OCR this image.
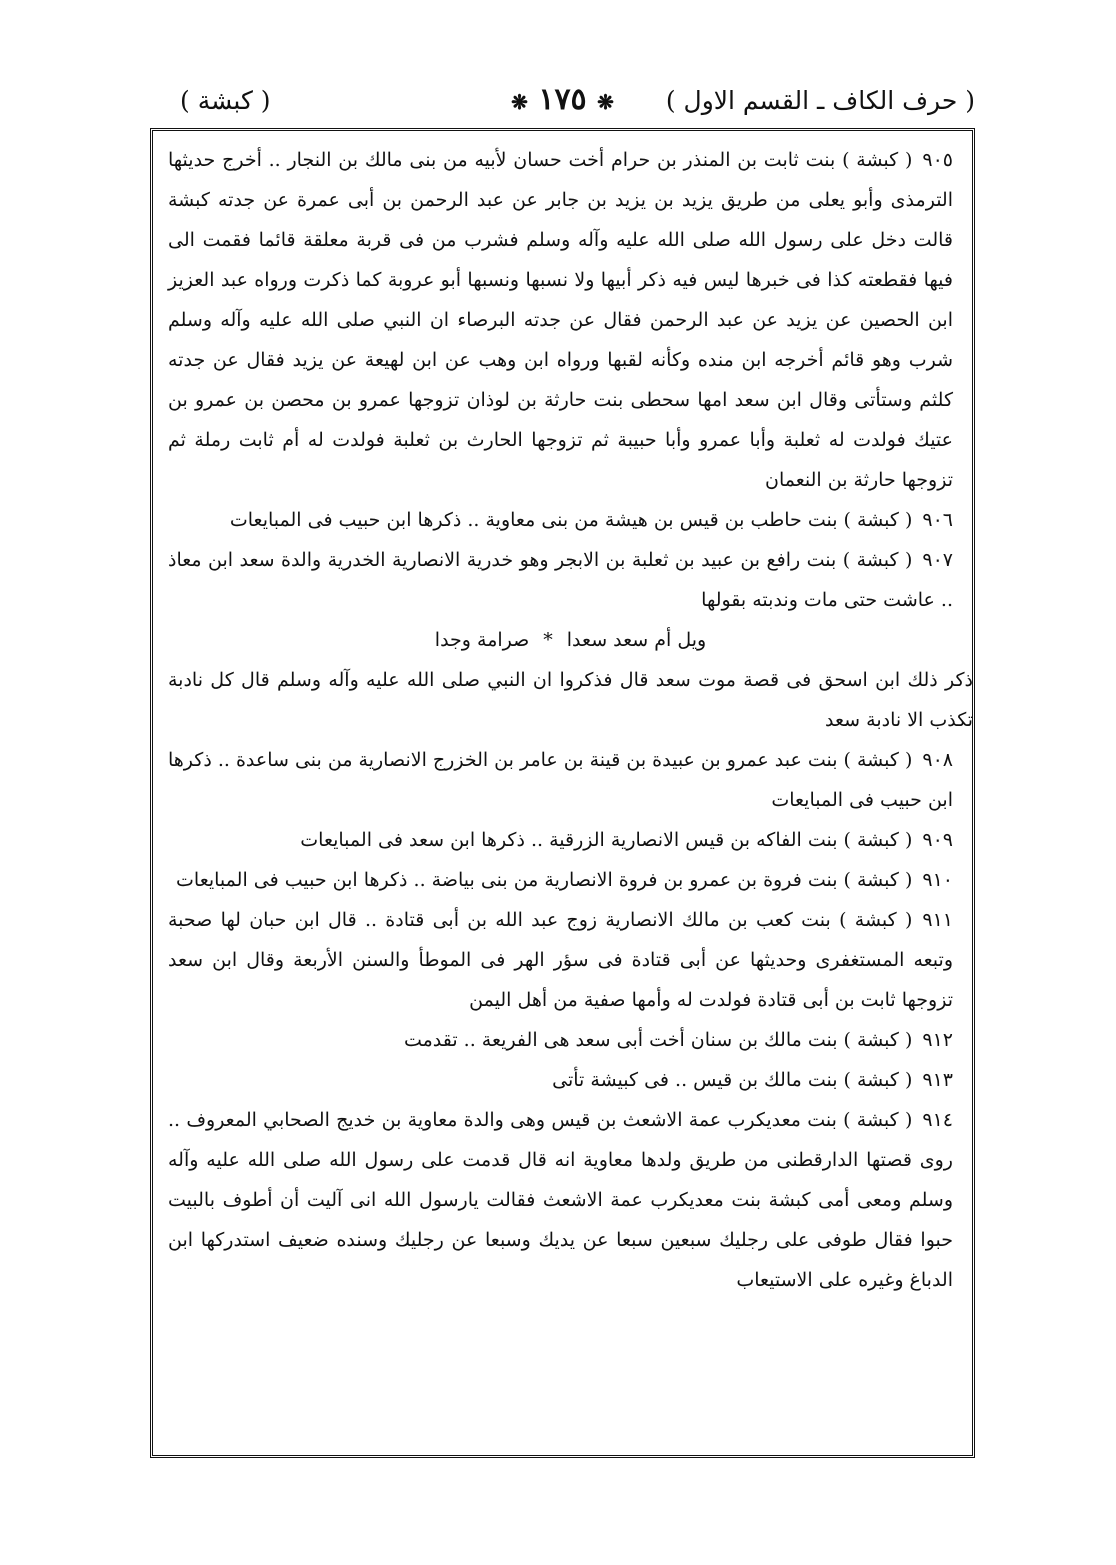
( حرف الكاف ـ القسم الاول )
❋ ١٧٥ ❋
( كبشة )

٩٠٥( كبشة ) بنت ثابت بن المنذر بن حرام أخت حسان لأبيه من بنى مالك بن النجار .. أخرج حديثها الترمذى وأبو يعلى من طريق يزيد بن يزيد بن جابر عن عبد الرحمن بن أبى عمرة عن جدته كبشة قالت دخل على رسول الله صلى الله عليه وآله وسلم فشرب من فى قربة معلقة قائما فقمت الى فيها فقطعته كذا فى خبرها ليس فيه ذكر أبيها ولا نسبها ونسبها أبو عروبة كما ذكرت ورواه عبد العزيز ابن الحصين عن يزيد عن عبد الرحمن فقال عن جدته البرصاء ان النبي صلى الله عليه وآله وسلم شرب وهو قائم أخرجه ابن منده وكأنه لقبها ورواه ابن وهب عن ابن لهيعة عن يزيد فقال عن جدته كلثم وستأتى وقال ابن سعد امها سحطى بنت حارثة بن لوذان تزوجها عمرو بن محصن بن عمرو بن عتيك فولدت له ثعلبة وأبا عمرو وأبا حبيبة ثم تزوجها الحارث بن ثعلبة فولدت له أم ثابت رملة ثم تزوجها حارثة بن النعمان

٩٠٦( كبشة ) بنت حاطب بن قيس بن هيشة من بنى معاوية .. ذكرها ابن حبيب فى المبايعات

٩٠٧( كبشة ) بنت رافع بن عبيد بن ثعلبة بن الابجر وهو خدرية الانصارية الخدرية والدة سعد ابن معاذ .. عاشت حتى مات وندبته بقولها

ويل أم سعد سعدا*صرامة وجدا

ذكر ذلك ابن اسحق فى قصة موت سعد قال فذكروا ان النبي صلى الله عليه وآله وسلم قال كل نادبة تكذب الا نادبة سعد

٩٠٨( كبشة ) بنت عبد عمرو بن عبيدة بن قينة بن عامر بن الخزرج الانصارية من بنى ساعدة .. ذكرها ابن حبيب فى المبايعات

٩٠٩( كبشة ) بنت الفاكه بن قيس الانصارية الزرقية .. ذكرها ابن سعد فى المبايعات

٩١٠( كبشة ) بنت فروة بن عمرو بن فروة الانصارية من بنى بياضة .. ذكرها ابن حبيب فى المبايعات

٩١١( كبشة ) بنت كعب بن مالك الانصارية زوج عبد الله بن أبى قتادة .. قال ابن حبان لها صحبة وتبعه المستغفرى وحديثها عن أبى قتادة فى سؤر الهر فى الموطأ والسنن الأربعة وقال ابن سعد تزوجها ثابت بن أبى قتادة فولدت له وأمها صفية من أهل اليمن

٩١٢( كبشة ) بنت مالك بن سنان أخت أبى سعد هى الفريعة .. تقدمت

٩١٣( كبشة ) بنت مالك بن قيس .. فى كبيشة تأتى

٩١٤( كبشة ) بنت معديكرب عمة الاشعث بن قيس وهى والدة معاوية بن خديج الصحابي المعروف .. روى قصتها الدارقطنى من طريق ولدها معاوية انه قال قدمت على رسول الله صلى الله عليه وآله وسلم ومعى أمى كبشة بنت معديكرب عمة الاشعث فقالت يارسول الله انى آليت أن أطوف بالبيت حبوا فقال طوفى على رجليك سبعين سبعا عن يديك وسبعا عن رجليك وسنده ضعيف استدركها ابن الدباغ وغيره على الاستيعاب
